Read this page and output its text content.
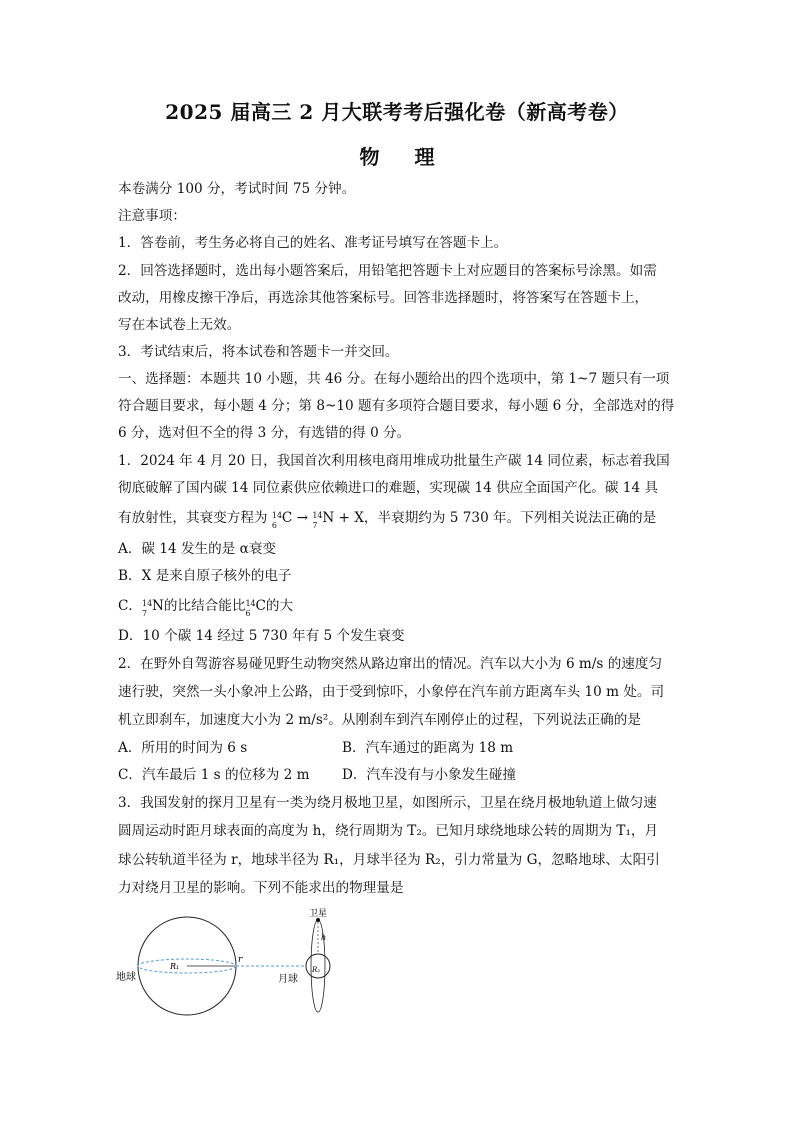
2025 届高三 2 月大联考考后强化卷（新高考卷）
物 理
本卷满分 100 分，考试时间 75 分钟。
注意事项：
1．答卷前，考生务必将自己的姓名、准考证号填写在答题卡上。
2．回答选择题时，选出每小题答案后，用铅笔把答题卡上对应题目的答案标号涂黑。如需
改动，用橡皮擦干净后，再选涂其他答案标号。回答非选择题时，将答案写在答题卡上，
写在本试卷上无效。
3．考试结束后，将本试卷和答题卡一并交回。
一、选择题：本题共 10 小题，共 46 分。在每小题给出的四个选项中，第 1~7 题只有一项
符合题目要求，每小题 4 分；第 8~10 题有多项符合题目要求，每小题 6 分，全部选对的得
6 分，选对但不全的得 3 分，有选错的得 0 分。
1．2024 年 4 月 20 日，我国首次利用核电商用堆成功批量生产碳 14 同位素，标志着我国
彻底破解了国内碳 14 同位素供应依赖进口的难题，实现碳 14 供应全面国产化。碳 14 具
有放射性，其衰变方程为 14
6 C → 14
7 N + X，半衰期约为 5 730 年。下列相关说法正确的是
A．碳 14 发生的是 α衰变
B．X 是来自原子核外的电子
C． 14
7 N的比结合能比 14
6 C的大
D．10 个碳 14 经过 5 730 年有 5 个发生衰变
2．在野外自驾游容易碰见野生动物突然从路边窜出的情况。汽车以大小为 6 m/s 的速度匀
速行驶，突然一头小象冲上公路，由于受到惊吓，小象停在汽车前方距离车头 10 m 处。司
机立即刹车，加速度大小为 2 m/s²。从刚刹车到汽车刚停止的过程，下列说法正确的是
A．所用的时间为 6 s	B．汽车通过的距离为 18 m
C．汽车最后 1 s 的位移为 2 m	D．汽车没有与小象发生碰撞
3．我国发射的探月卫星有一类为绕月极地卫星，如图所示，卫星在绕月极地轨道上做匀速
圆周运动时距月球表面的高度为 h，绕行周期为 T₂。已知月球绕地球公转的周期为 T₁，月
球公转轨道半径为 r，地球半径为 R₁，月球半径为 R₂，引力常量为 G，忽略地球、太阳引
力对绕月卫星的影响。下列不能求出的物理量是
地球
R₁
r
月球
R₂
卫星
h
